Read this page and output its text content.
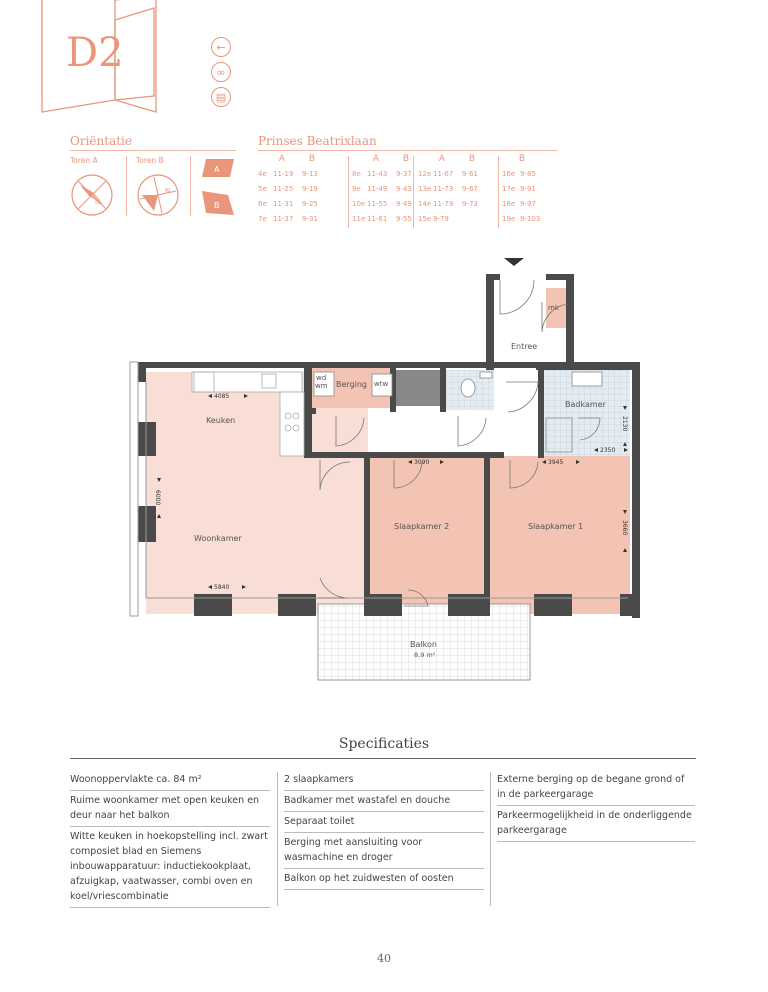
D2	←
∞
▤
Oriëntatie
Toren A	Toren B
N
N
A
B
Prinses Beatrixlaan
A	B
4e 11-19 9-13
5e 11-25 9-19
6e 11-31 9-25
7e 11-37 9-31
A	B
8e 11-43 9-37
9e 11-49 9-43
10e 11-55 9-49
11e 11-61 9-55
A	B
12e 11-67 9-61
13e 11-73 9-67
14e 11-79 9-73
15e 9-79
B
16e 9-85
17e 9-91
18e 9-97
19e 9-103
mk
Entree
wd
wm Berging wtw
Badkamer
Keuken
Woonkamer
Slaapkamer 2	Slaapkamer 1
Balkon
8,9 m²
4085
5840
6000
3090	3945
2350
2130
3660
Specificaties
Woonoppervlakte ca. 84 m²
Ruime woonkamer met open keuken en deur naar het balkon
Witte keuken in hoekopstelling incl. zwart composiet blad en Siemens inbouwapparatuur: inductiekookplaat, afzuigkap, vaatwasser, combi oven en koel/vriescombinatie
2 slaapkamers
Badkamer met wastafel en douche
Separaat toilet
Berging met aansluiting voor wasmachine en droger
Balkon op het zuidwesten of oosten
Externe berging op de begane grond of in de parkeergarage
Parkeermogelijkheid in de onderliggende parkeergarage
40
